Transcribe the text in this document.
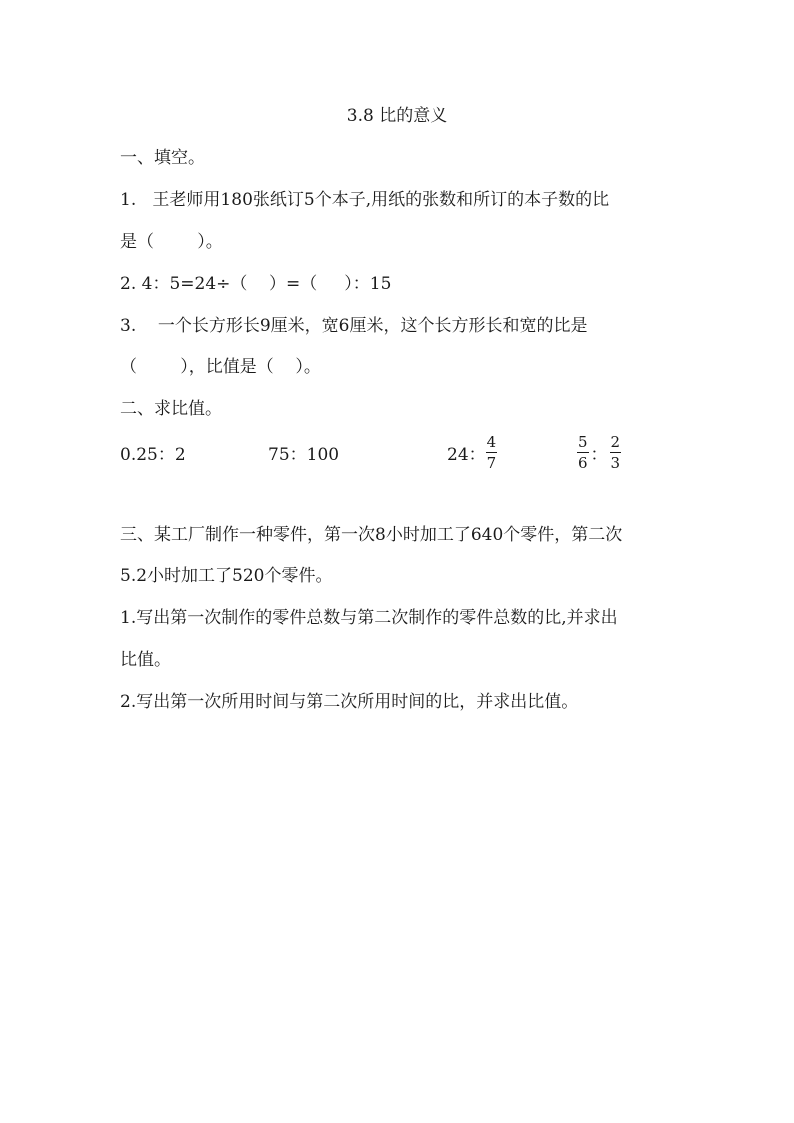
3.8 比的意义
一、填空。
1.   王老师用180张纸订5个本子,用纸的张数和所订的本子数的比
是（        ）。
2. 4：5=24÷（    ）=（     ）：15
3.    一个长方形长9厘米，宽6厘米，这个长方形长和宽的比是
（        ），比值是（    ）。
二、求比值。
0.25：2	75：100	24： $\frac{4}{7}$	$\frac{5}{6}$ ： $\frac{2}{3}$
三、某工厂制作一种零件，第一次8小时加工了640个零件，第二次
5.2小时加工了520个零件。
1.写出第一次制作的零件总数与第二次制作的零件总数的比,并求出
比值。
2.写出第一次所用时间与第二次所用时间的比，并求出比值。
